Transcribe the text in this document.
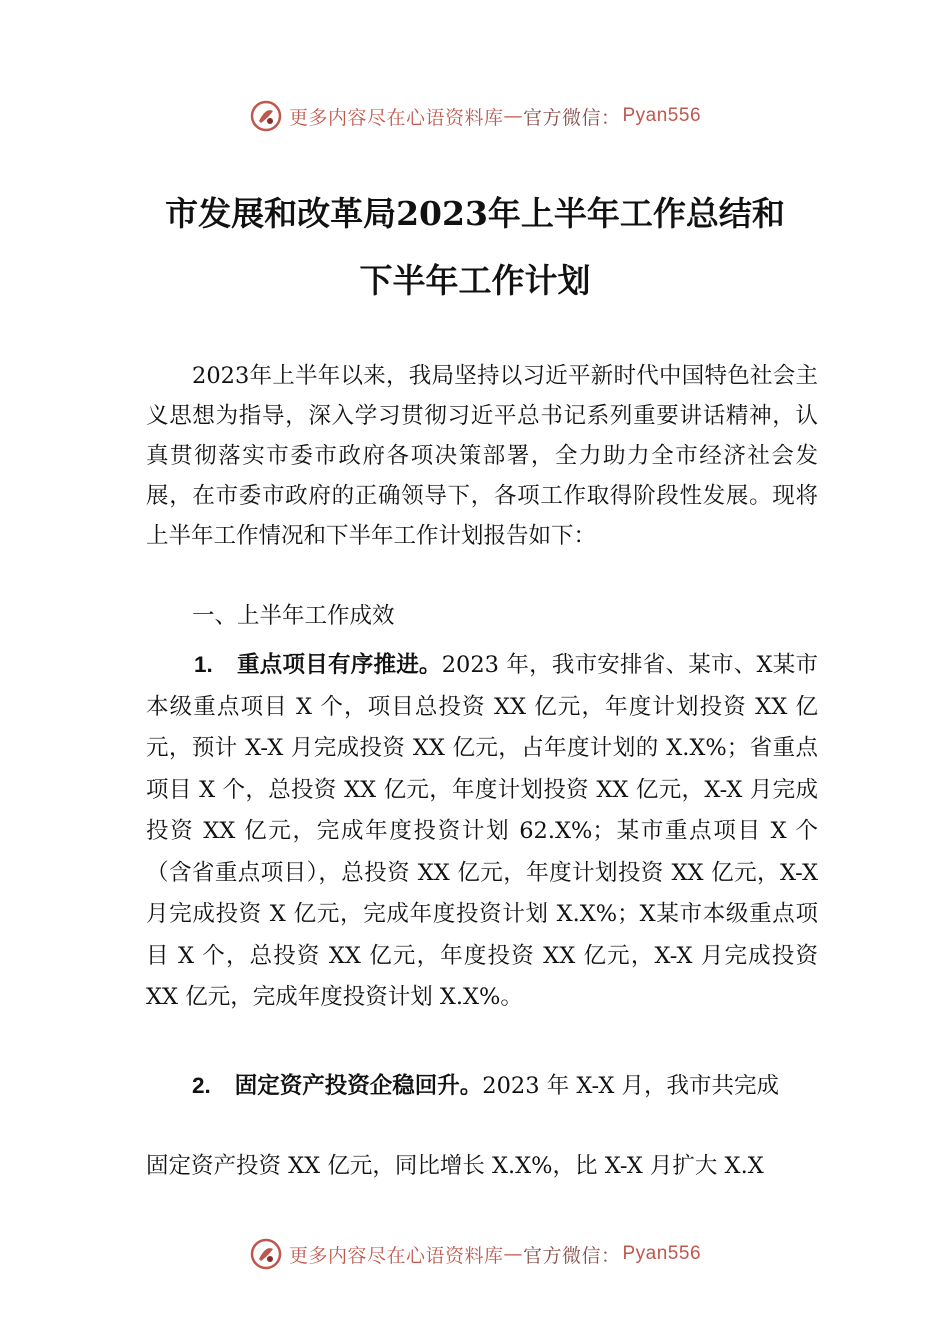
更多内容尽在心语资料库 — 官方微信： Pyan556
市发展和改革局2023年上半年工作总结和
下半年工作计划
2023年上半年以来，我局坚持以习近平新时代中国特色社会主义思想为指导，深入学习贯彻习近平总书记系列重要讲话精神，认真贯彻落实市委市政府各项决策部署，全力助力全市经济社会发展，在市委市政府的正确领导下，各项工作取得阶段性发展。现将上半年工作情况和下半年工作计划报告如下：
一、上半年工作成效
1. 重点项目有序推进。2023 年，我市安排省、某市、X某市本级重点项目 X 个，项目总投资 XX 亿元，年度计划投资 XX 亿元，预计 X-X 月完成投资 XX 亿元，占年度计划的 X.X%；省重点项目 X 个，总投资 XX 亿元，年度计划投资 XX 亿元，X-X 月完成投资 XX 亿元，完成年度投资计划 62.X%；某市重点项目 X 个（含省重点项目），总投资 XX 亿元，年度计划投资 XX 亿元，X-X 月完成投资 X 亿元，完成年度投资计划 X.X%；X某市本级重点项目 X 个，总投资 XX 亿元，年度投资 XX 亿元，X-X 月完成投资 XX 亿元，完成年度投资计划 X.X%。
2. 固定资产投资企稳回升。2023 年 X-X 月，我市共完成
固定资产投资 XX 亿元，同比增长 X.X%，比 X-X 月扩大 X.X
更多内容尽在心语资料库 — 官方微信： Pyan556
